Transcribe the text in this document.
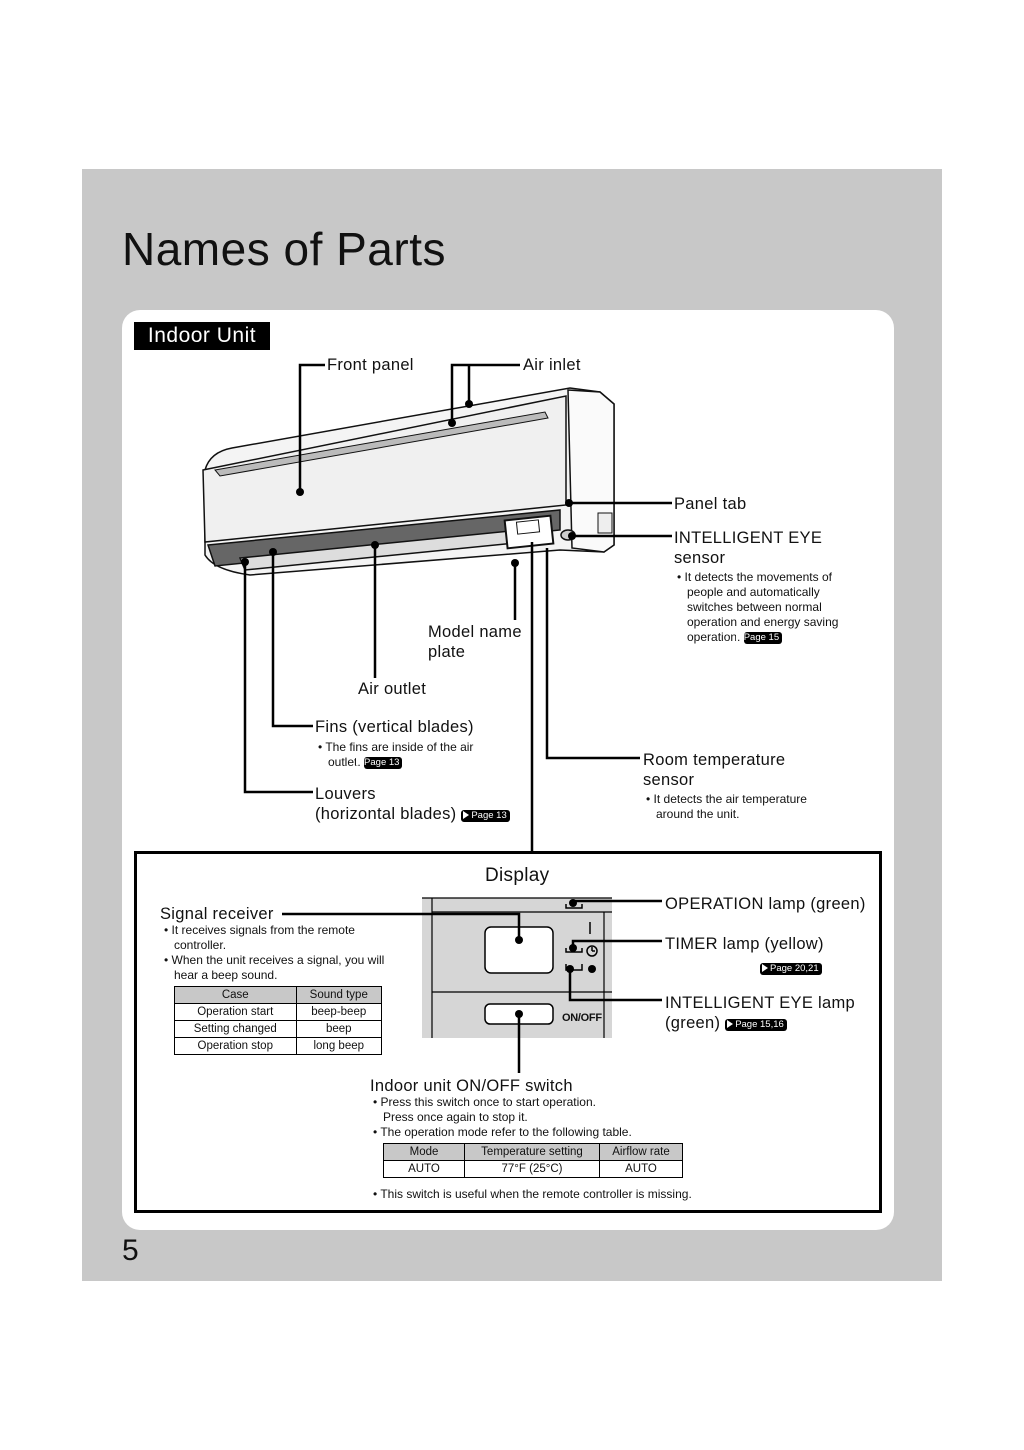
Names of Parts
Indoor Unit
Front panel	Air inlet
Panel tab
INTELLIGENT EYE
sensor
• It detects the movements of people and automatically switches between normal operation and energy saving operation. Page 15
Model name
plate
Air outlet
Fins (vertical blades)
• The fins are inside of the air outlet. Page 13
Louvers
(horizontal blades) Page 13
Room temperature
sensor
• It detects the air temperature around the unit.
Display
ON/OFF
Signal receiver
• It receives signals from the remote controller.
• When the unit receives a signal, you will hear a beep sound.
Case	Sound type
Operation start	beep-beep
Setting changed	beep
Operation stop	long beep
OPERATION lamp (green)
TIMER lamp (yellow)
Page 20,21
INTELLIGENT EYE lamp
(green) Page 15,16
Indoor unit ON/OFF switch
• Press this switch once to start operation.
Press once again to stop it.
• The operation mode refer to the following table.
Mode	Temperature setting	Airflow rate
AUTO	77°F (25°C)	AUTO
• This switch is useful when the remote controller is missing.
5
